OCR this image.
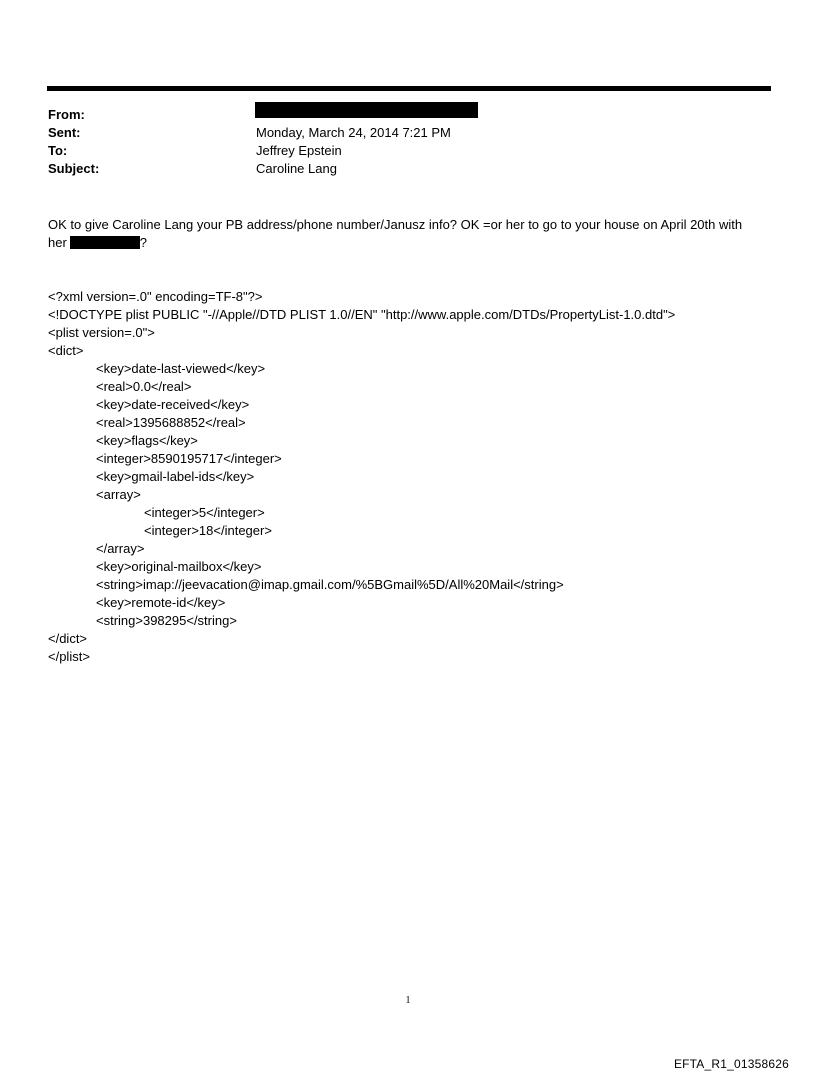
From:
Sent:	Monday, March 24, 2014 7:21 PM
To:	Jeffrey Epstein
Subject:	Caroline Lang
OK to give Caroline Lang your PB address/phone number/Janusz info? OK =or her to go to your house on April 20th with
her	?
<?xml version=.0" encoding=TF-8"?>
<!DOCTYPE plist PUBLIC "-//Apple//DTD PLIST 1.0//EN" "http://www.apple.com/DTDs/PropertyList-1.0.dtd">
<plist version=.0">
<dict>
<key>date-last-viewed</key>
<real>0.0</real>
<key>date-received</key>
<real>1395688852</real>
<key>flags</key>
<integer>8590195717</integer>
<key>gmail-label-ids</key>
<array>
<integer>5</integer>
<integer>18</integer>
</array>
<key>original-mailbox</key>
<string>imap://jeevacation@imap.gmail.com/%5BGmail%5D/All%20Mail</string>
<key>remote-id</key>
<string>398295</string>
</dict>
</plist>
1
EFTA_R1_01358626
